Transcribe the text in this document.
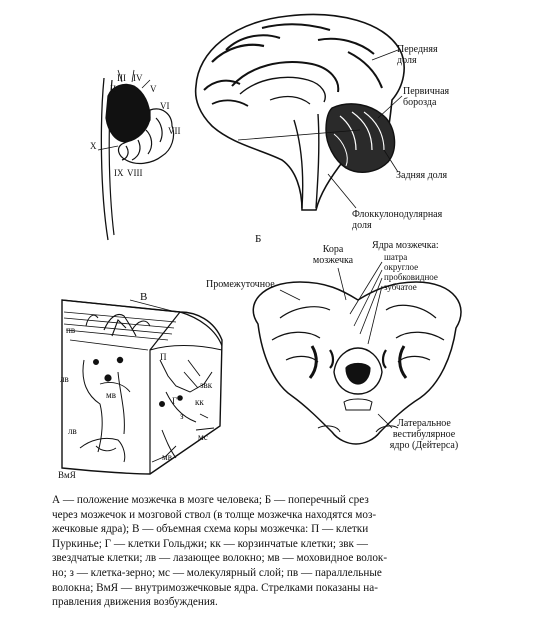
II
III IV
V
VI
VII
VIII
IX
X
Передняя доля
Первичная борозда
Задняя доля
Флоккулонодулярная доля
Б
Кора мозжечка
Ядра мозжечка:
шатра
округлое
пробковидное
зубчатое
Промежуточное
Латеральное вестибулярное ядро (Дейтерса)
В
пв
лв
мв
П
звк
кк
Г
з
мс
лв
мв
ВмЯ

А — положение мозжечка в мозге человека; Б — поперечный срез

через мозжечок и мозговой ствол (в толще мозжечка находятся моз-

жечковые ядра); В — объемная схема коры мозжечка: П — клетки

Пуркинье; Г — клетки Гольджи; кк — корзинчатые клетки; звк —

звездчатые клетки; лв — лазающее волокно; мв — моховидное волок-

но; з — клетка-зерно; мс — молекулярный слой; пв — параллельные

волокна; ВмЯ — внутримозжечковые ядра. Стрелками показаны на-

правления движения возбуждения.
